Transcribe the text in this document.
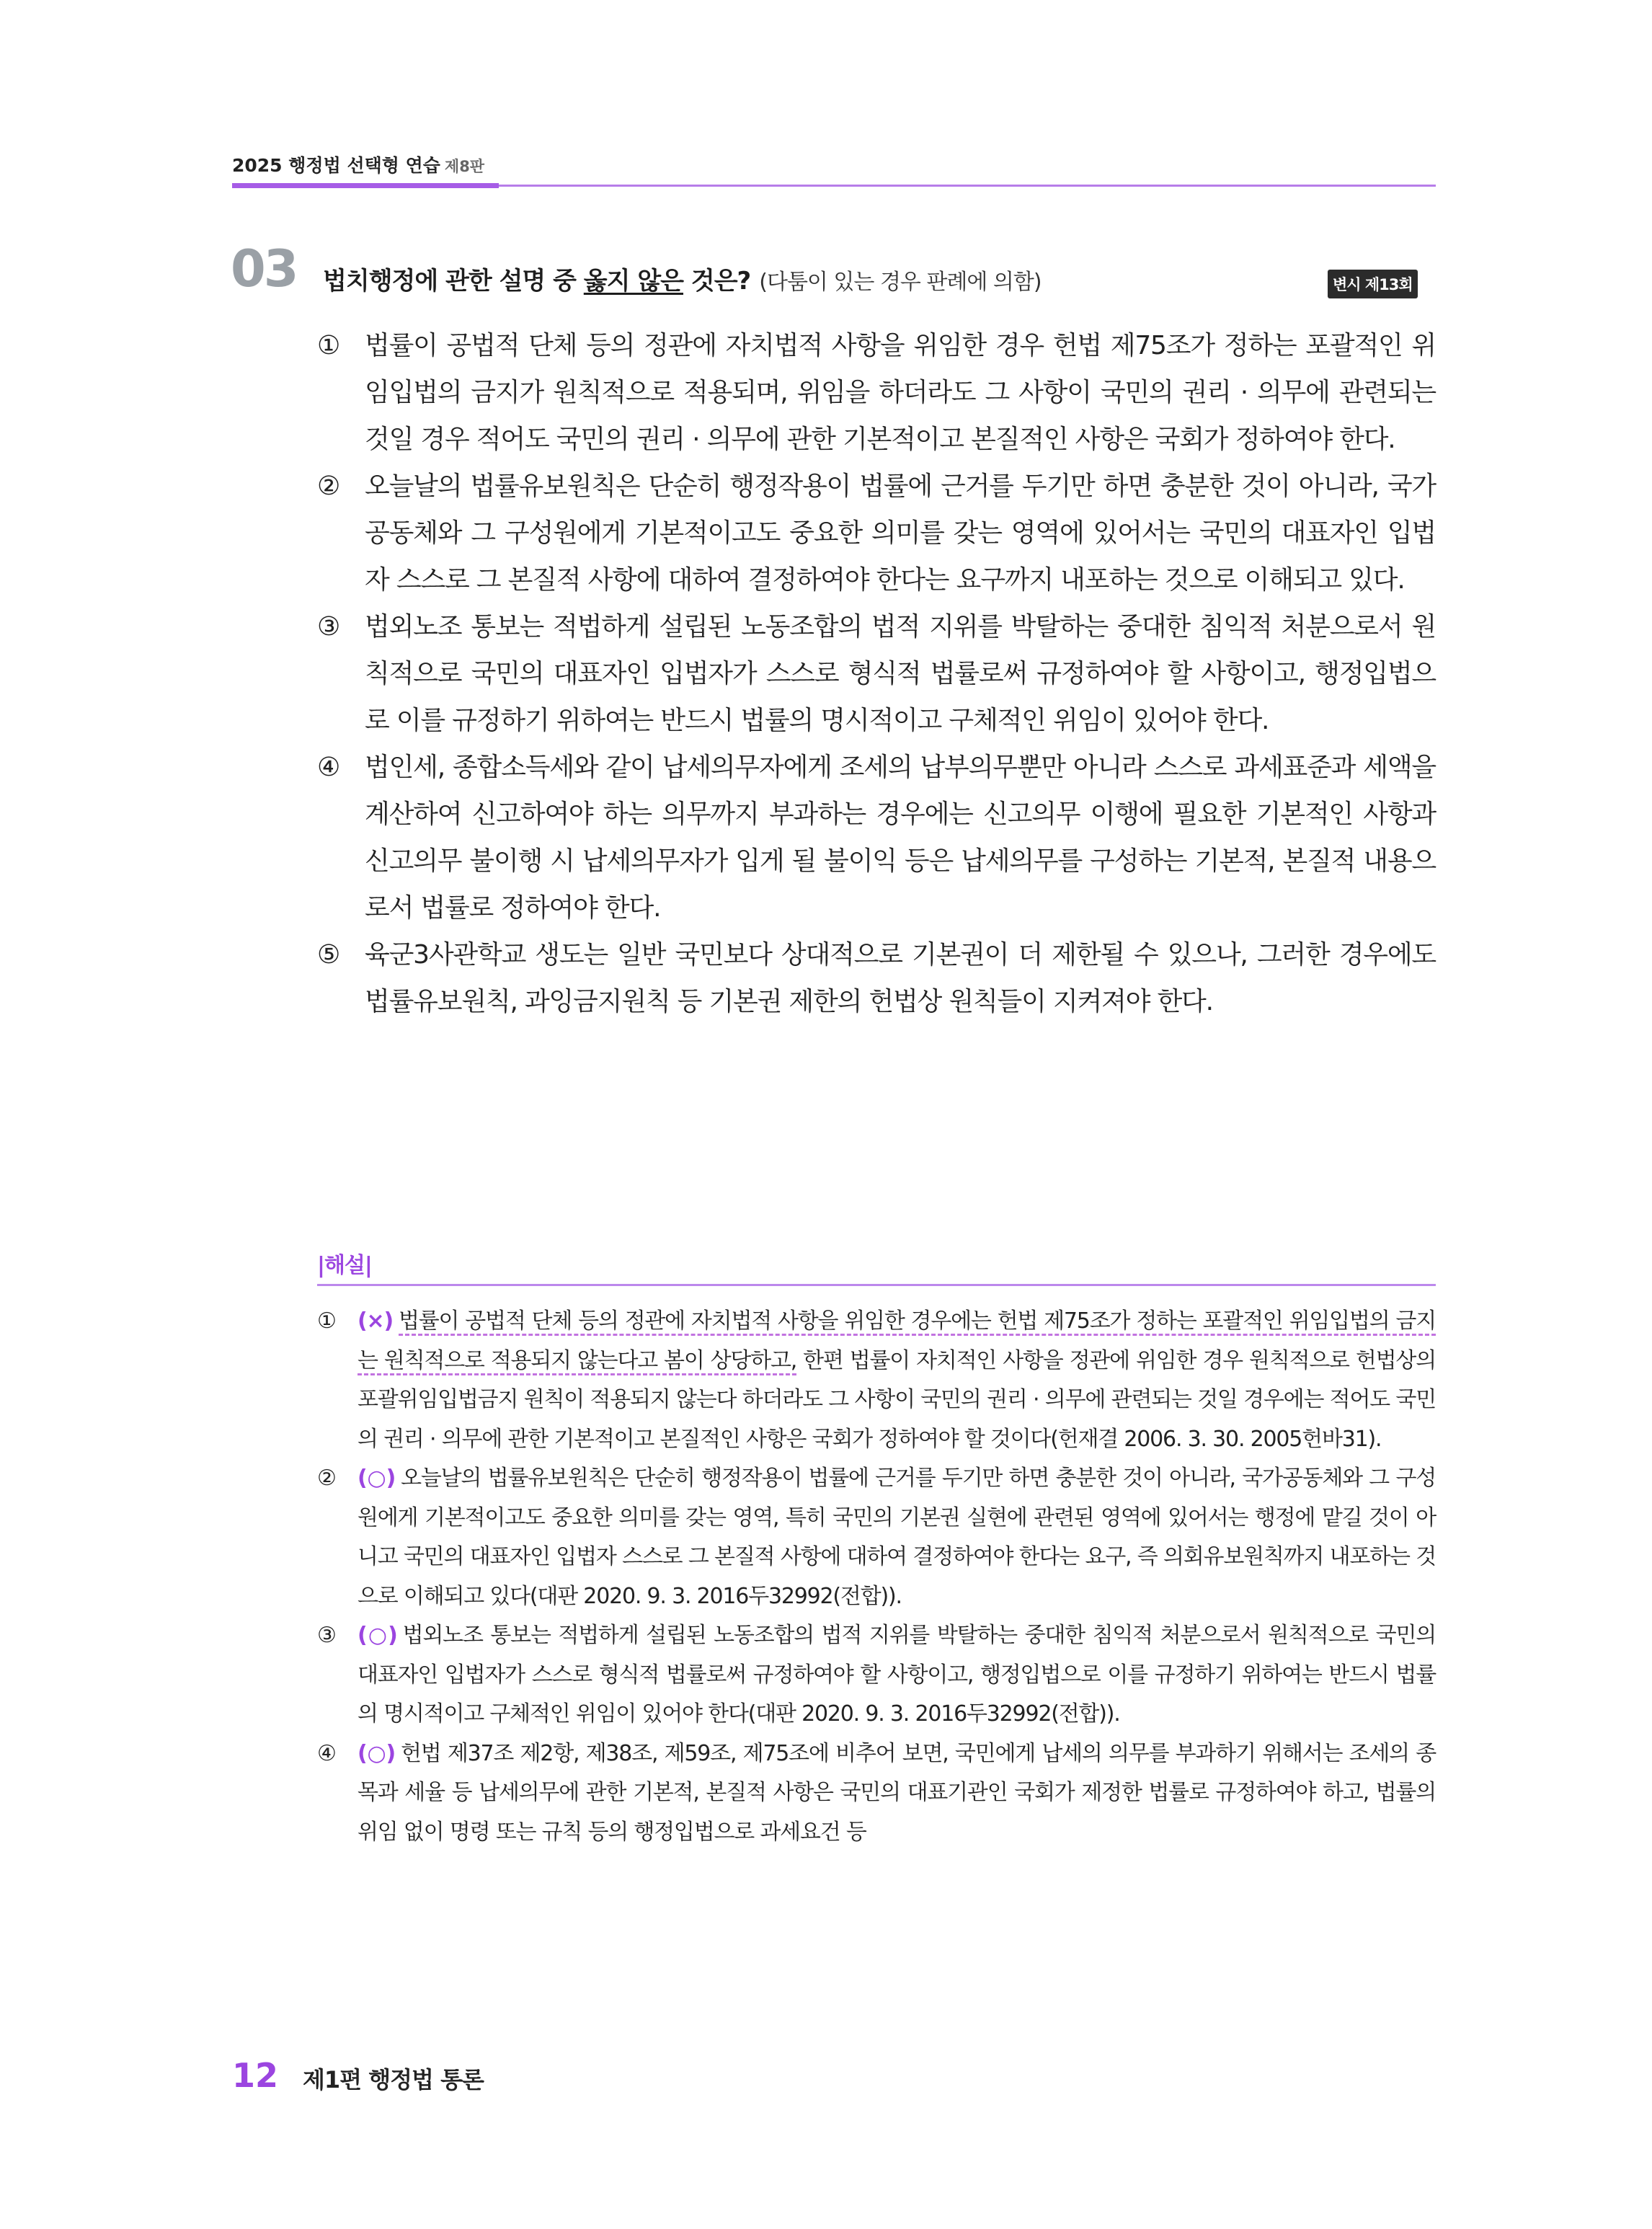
2025 행정법 선택형 연습 제8판
03 법치행정에 관한 설명 중 옳지 않은 것은? (다툼이 있는 경우 판례에 의함)	변시 제13회
① 법률이 공법적 단체 등의 정관에 자치법적 사항을 위임한 경우 헌법 제75조가 정하는 포괄적인 위임입법의 금지가 원칙적으로 적용되며, 위임을 하더라도 그 사항이 국민의 권리 · 의무에 관련되는 것일 경우 적어도 국민의 권리 · 의무에 관한 기본적이고 본질적인 사항은 국회가 정하여야 한다.
② 오늘날의 법률유보원칙은 단순히 행정작용이 법률에 근거를 두기만 하면 충분한 것이 아니라, 국가공동체와 그 구성원에게 기본적이고도 중요한 의미를 갖는 영역에 있어서는 국민의 대표자인 입법자 스스로 그 본질적 사항에 대하여 결정하여야 한다는 요구까지 내포하는 것으로 이해되고 있다.
③ 법외노조 통보는 적법하게 설립된 노동조합의 법적 지위를 박탈하는 중대한 침익적 처분으로서 원칙적으로 국민의 대표자인 입법자가 스스로 형식적 법률로써 규정하여야 할 사항이고, 행정입법으로 이를 규정하기 위하여는 반드시 법률의 명시적이고 구체적인 위임이 있어야 한다.
④ 법인세, 종합소득세와 같이 납세의무자에게 조세의 납부의무뿐만 아니라 스스로 과세표준과 세액을 계산하여 신고하여야 하는 의무까지 부과하는 경우에는 신고의무 이행에 필요한 기본적인 사항과 신고의무 불이행 시 납세의무자가 입게 될 불이익 등은 납세의무를 구성하는 기본적, 본질적 내용으로서 법률로 정하여야 한다.
⑤ 육군3사관학교 생도는 일반 국민보다 상대적으로 기본권이 더 제한될 수 있으나, 그러한 경우에도 법률유보원칙, 과잉금지원칙 등 기본권 제한의 헌법상 원칙들이 지켜져야 한다.
|해설|
① (×) 법률이 공법적 단체 등의 정관에 자치법적 사항을 위임한 경우에는 헌법 제75조가 정하는 포괄적인 위임입법의 금지는 원칙적으로 적용되지 않는다고 봄이 상당하고, 한편 법률이 자치적인 사항을 정관에 위임한 경우 원칙적으로 헌법상의 포괄위임입법금지 원칙이 적용되지 않는다 하더라도 그 사항이 국민의 권리 · 의무에 관련되는 것일 경우에는 적어도 국민의 권리 · 의무에 관한 기본적이고 본질적인 사항은 국회가 정하여야 할 것이다(헌재결 2006. 3. 30. 2005헌바31).
② (○) 오늘날의 법률유보원칙은 단순히 행정작용이 법률에 근거를 두기만 하면 충분한 것이 아니라, 국가공동체와 그 구성원에게 기본적이고도 중요한 의미를 갖는 영역, 특히 국민의 기본권 실현에 관련된 영역에 있어서는 행정에 맡길 것이 아니고 국민의 대표자인 입법자 스스로 그 본질적 사항에 대하여 결정하여야 한다는 요구, 즉 의회유보원칙까지 내포하는 것으로 이해되고 있다(대판 2020. 9. 3. 2016두32992(전합)).
③ (○) 법외노조 통보는 적법하게 설립된 노동조합의 법적 지위를 박탈하는 중대한 침익적 처분으로서 원칙적으로 국민의 대표자인 입법자가 스스로 형식적 법률로써 규정하여야 할 사항이고, 행정입법으로 이를 규정하기 위하여는 반드시 법률의 명시적이고 구체적인 위임이 있어야 한다(대판 2020. 9. 3. 2016두32992(전합)).
④ (○) 헌법 제37조 제2항, 제38조, 제59조, 제75조에 비추어 보면, 국민에게 납세의 의무를 부과하기 위해서는 조세의 종목과 세율 등 납세의무에 관한 기본적, 본질적 사항은 국민의 대표기관인 국회가 제정한 법률로 규정하여야 하고, 법률의 위임 없이 명령 또는 규칙 등의 행정입법으로 과세요건 등
12 제1편 행정법 통론
